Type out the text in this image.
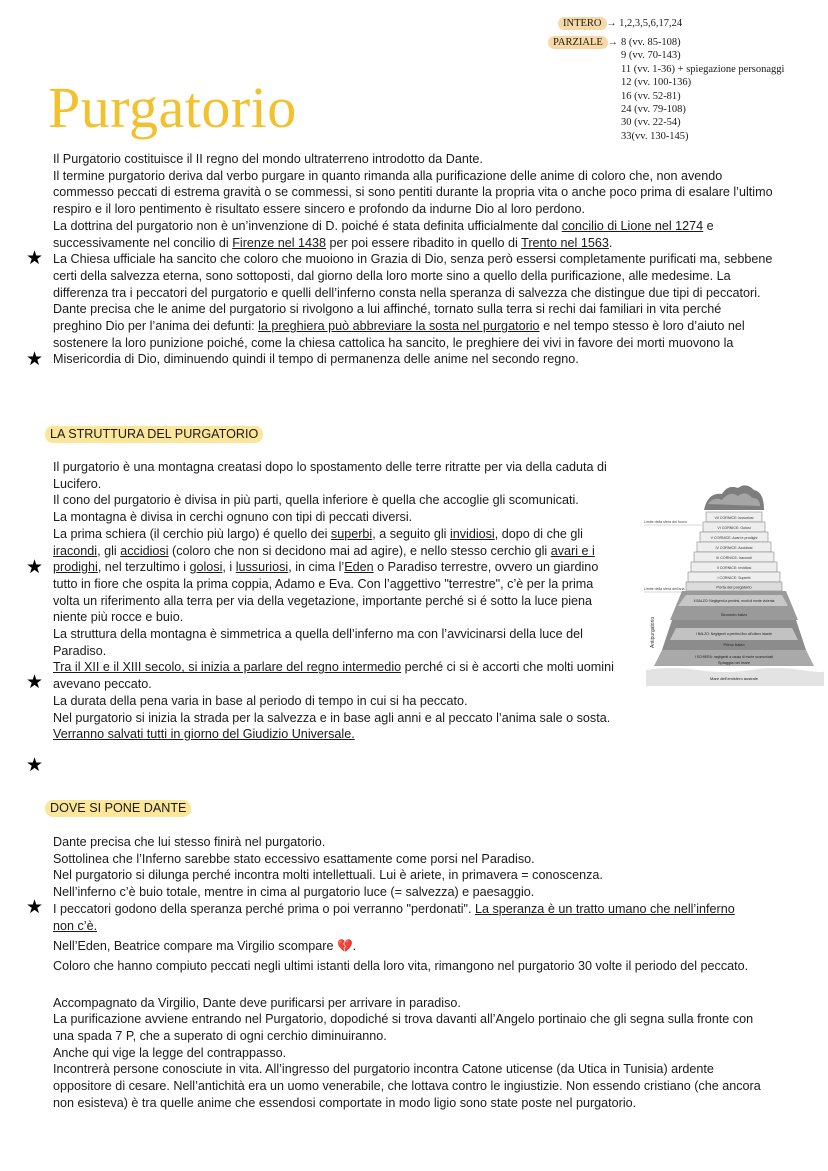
INTERO → 1,2,3,5,6,17,24
PARZIALE → 8 (vv. 85-108)
9 (vv. 70-143)
11 (vv. 1-36) + spiegazione personaggi
12 (vv. 100-136)
16 (vv. 52-81)
24 (vv. 79-108)
30 (vv. 22-54)
33(vv. 130-145)
Purgatorio

Il Purgatorio costituisce il II regno del mondo ultraterreno introdotto da Dante.

Il termine purgatorio deriva dal verbo purgare in quanto rimanda alla purificazione delle anime di coloro che, non avendo commesso peccati di estrema gravità o se commessi, si sono pentiti durante la propria vita o anche poco prima di esalare l’ultimo respiro e il loro pentimento è risultato essere sincero e profondo da indurne Dio al loro perdono.

La dottrina del purgatorio non è un’invenzione di D. poiché é stata definita ufficialmente dal concilio di Lione nel 1274 e successivamente nel concilio di Firenze nel 1438 per poi essere ribadito in quello di Trento nel 1563.

La Chiesa ufficiale ha sancito che coloro che muoiono in Grazia di Dio, senza però essersi completamente purificati ma, sebbene certi della salvezza eterna, sono sottoposti, dal giorno della loro morte sino a quello della purificazione, alle medesime. La differenza tra i peccatori del purgatorio e quelli dell’inferno consta nella speranza di salvezza che distingue due tipi di peccatori. Dante precisa che le anime del purgatorio si rivolgono a lui affinché, tornato sulla terra si rechi dai familiari in vita perché preghino Dio per l’anima dei defunti: la preghiera può abbreviare la sosta nel purgatorio e nel tempo stesso è loro d’aiuto nel sostenere la loro punizione poiché, come la chiesa cattolica ha sancito, le preghiere dei vivi in favore dei morti muovono la Misericordia di Dio, diminuendo quindi il tempo di permanenza delle anime nel secondo regno.

★
★
LA STRUTTURA DEL PURGATORIO

Il purgatorio è una montagna creatasi dopo lo spostamento delle terre ritratte per via della caduta di Lucifero.

Il cono del purgatorio è divisa in più parti, quella inferiore è quella che accoglie gli scomunicati.

La montagna è divisa in cerchi ognuno con tipi di peccati diversi.

La prima schiera (il cerchio più largo) é quello dei superbi, a seguito gli invidiosi, dopo di che gli iracondi, gli accidiosi (coloro che non si decidono mai ad agire), e nello stesso cerchio gli avari e i prodighi, nel terzultimo i golosi, i lussuriosi, in cima l’Eden o Paradiso terrestre, ovvero un giardino tutto in fiore che ospita la prima coppia, Adamo e Eva. Con l’aggettivo "terrestre", c’è per la prima volta un riferimento alla terra per via della vegetazione, importante perché si é sotto la luce piena niente più rocce e buio.

La struttura della montagna è simmetrica a quella dell’inferno ma con l’avvicinarsi della luce del Paradiso.

Tra il XII e il XIII secolo, si inizia a parlare del regno intermedio perché ci si è accorti che molti uomini avevano peccato.

La durata della pena varia in base al periodo di tempo in cui si ha peccato.

Nel purgatorio si inizia la strada per la salvezza e in base agli anni e al peccato l’anima sale o sosta.

Verranno salvati tutti in giorno del Giudizio Universale.

★
★
★
VII CORNICE: lussuriosi
VI CORNICE: Golosi
V CORNICE: Avari e prodighi
IV CORNICE: Accidiosi
III CORNICE: Iracondi
II CORNICE: Invidiosi
I CORNICE: Superbi
Porta del purgatorio
II BALZO: Negligenti a pentirsi, morti di morte violenta
Secondo balzo
I BALZO: Negligenti a pentirsi fino all’ultimo istante
Primo balzo
I SCHIERA: negligenti a causa di morte scomunicati
Spiaggia nel mare
Mare dell’emisfero australe
Limite della sfera del fuoco
Limite della sfera dell’aria
Antipurgatorio
DOVE SI PONE DANTE

Dante precisa che lui stesso finirà nel purgatorio.

Sottolinea che l’Inferno sarebbe stato eccessivo esattamente come porsi nel Paradiso.

Nel purgatorio si dilunga perché incontra molti intellettuali. Lui è ariete, in primavera = conoscenza.

Nell’inferno c’è buio totale, mentre in cima al purgatorio luce (= salvezza) e paesaggio.

I peccatori godono della speranza perché prima o poi verranno "perdonati". La speranza è un tratto umano che nell’inferno non c’è.

Nell’Eden, Beatrice compare ma Virgilio scompare 💔.

Coloro che hanno compiuto peccati negli ultimi istanti della loro vita, rimangono nel purgatorio 30 volte il periodo del peccato.

Accompagnato da Virgilio, Dante deve purificarsi per arrivare in paradiso.

La purificazione avviene entrando nel Purgatorio, dopodiché si trova davanti all’Angelo portinaio che gli segna sulla fronte con una spada 7 P, che a superato di ogni cerchio diminuiranno.

Anche qui vige la legge del contrappasso.

Incontrerà persone conosciute in vita. All’ingresso del purgatorio incontra Catone uticense (da Utica in Tunisia) ardente oppositore di cesare. Nell’antichità era un uomo venerabile, che lottava contro le ingiustizie. Non essendo cristiano (che ancora non esisteva) è tra quelle anime che essendosi comportate in modo ligio sono state poste nel purgatorio.

★
